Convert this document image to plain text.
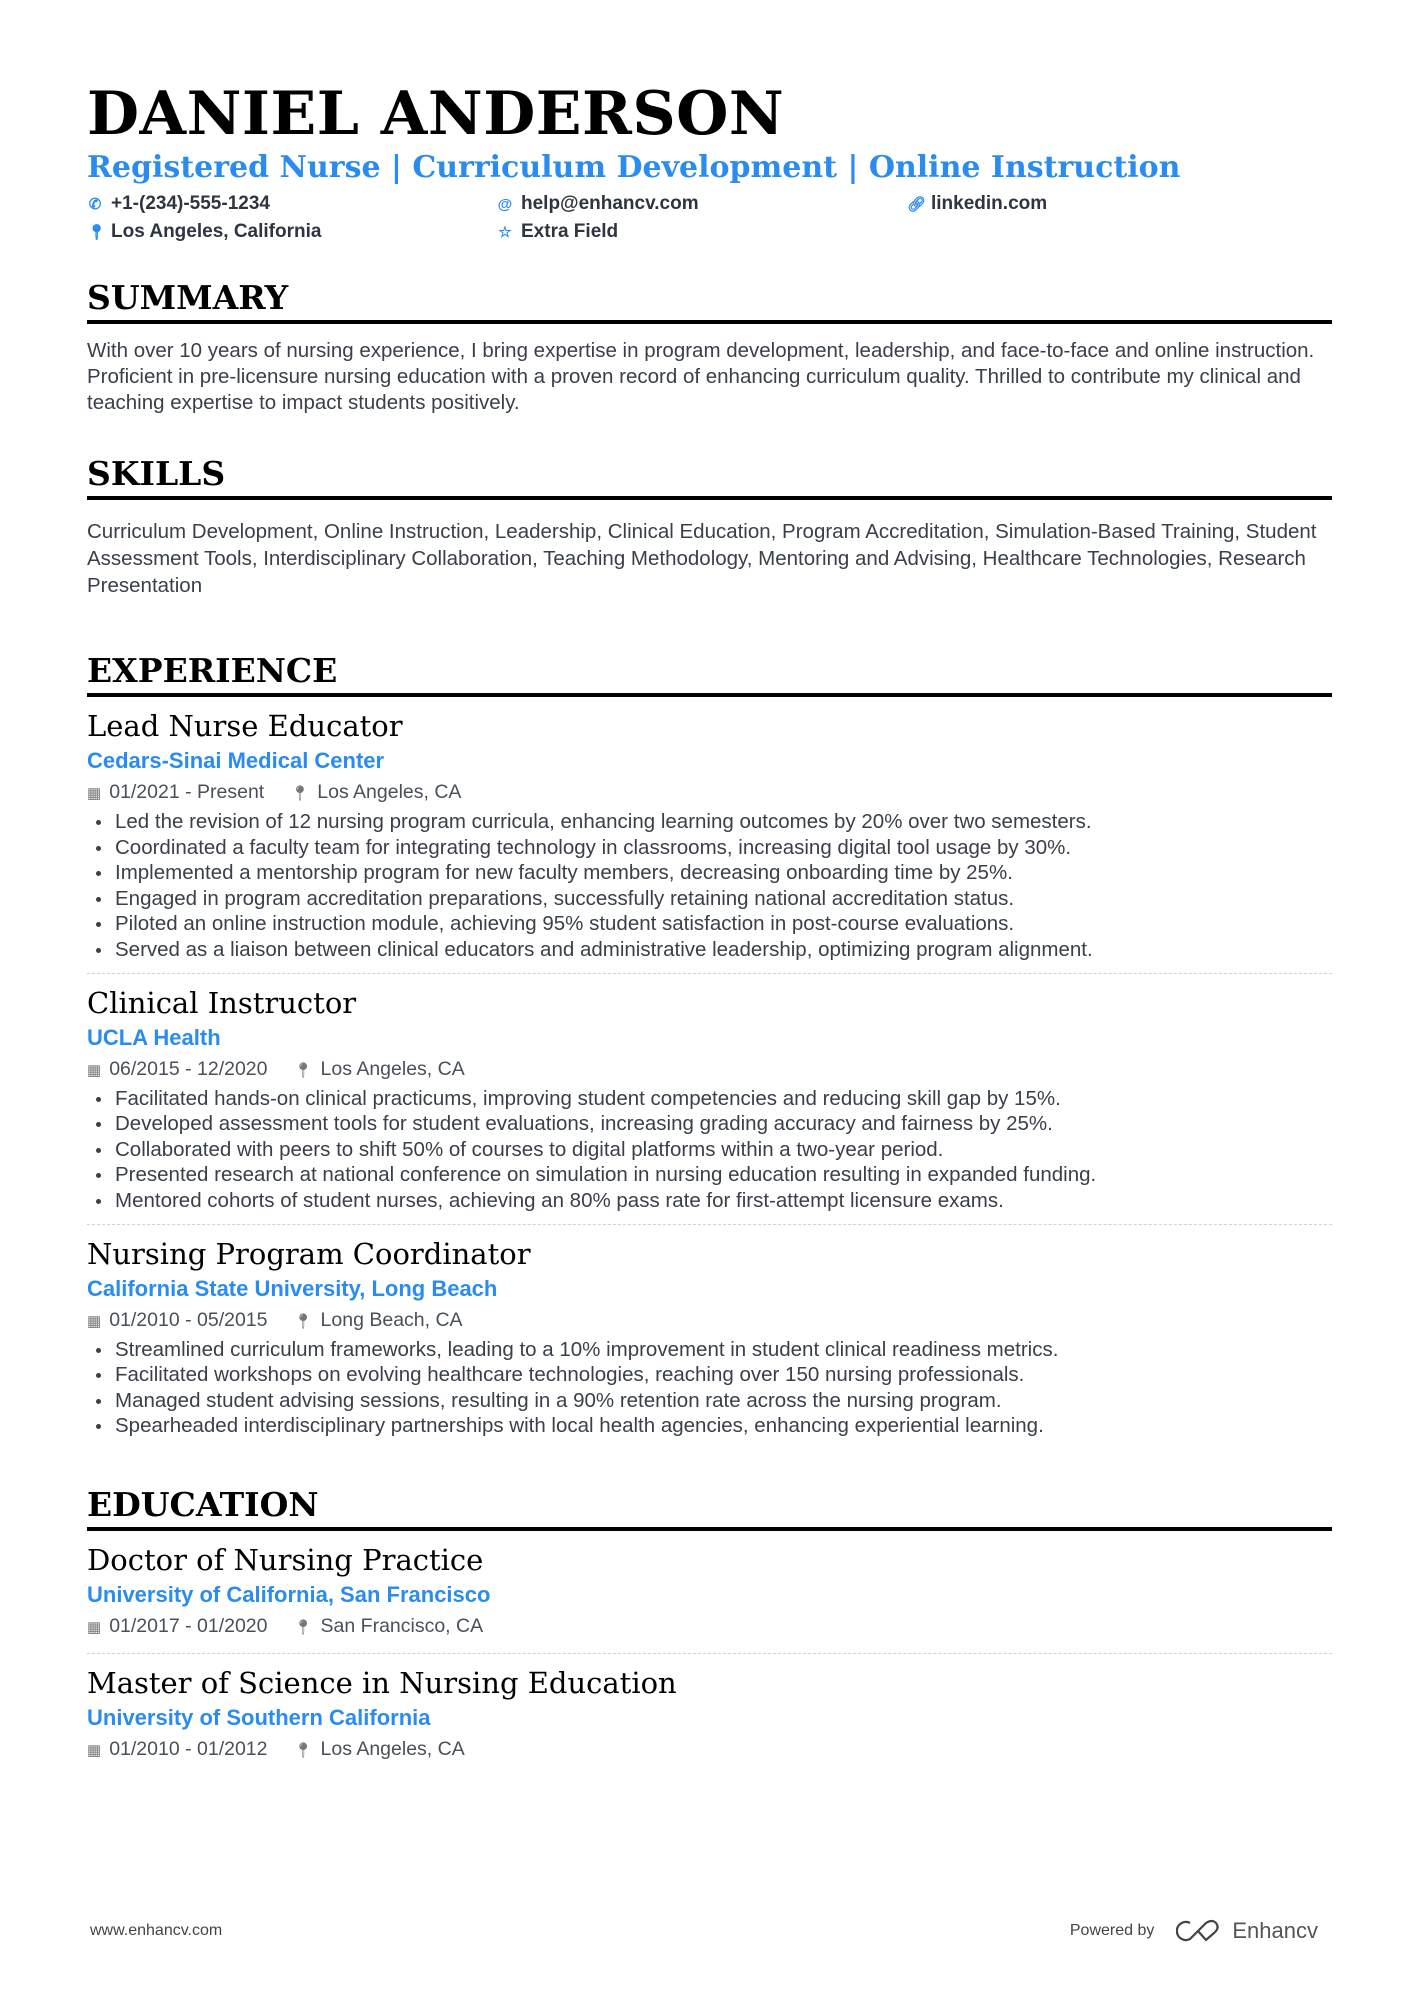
DANIEL ANDERSON
Registered Nurse | Curriculum Development | Online Instruction
✆ +1-(234)-555-1234	@ help@enhancv.com	🔗︎ linkedin.com
📍︎ Los Angeles, California	☆ Extra Field
SUMMARY
With over 10 years of nursing experience, I bring expertise in program development, leadership, and face-to-face and online instruction. Proficient in pre-licensure nursing education with a proven record of enhancing curriculum quality. Thrilled to contribute my clinical and teaching expertise to impact students positively.
SKILLS
Curriculum Development, Online Instruction, Leadership, Clinical Education, Program Accreditation, Simulation-Based Training, Student Assessment Tools, Interdisciplinary Collaboration, Teaching Methodology, Mentoring and Advising, Healthcare Technologies, Research Presentation
EXPERIENCE
Lead Nurse Educator
Cedars-Sinai Medical Center
▦ 01/2021 - Present 📍︎ Los Angeles, CA
Led the revision of 12 nursing program curricula, enhancing learning outcomes by 20% over two semesters.
Coordinated a faculty team for integrating technology in classrooms, increasing digital tool usage by 30%.
Implemented a mentorship program for new faculty members, decreasing onboarding time by 25%.
Engaged in program accreditation preparations, successfully retaining national accreditation status.
Piloted an online instruction module, achieving 95% student satisfaction in post-course evaluations.
Served as a liaison between clinical educators and administrative leadership, optimizing program alignment.
Clinical Instructor
UCLA Health
▦ 06/2015 - 12/2020 📍︎ Los Angeles, CA
Facilitated hands-on clinical practicums, improving student competencies and reducing skill gap by 15%.
Developed assessment tools for student evaluations, increasing grading accuracy and fairness by 25%.
Collaborated with peers to shift 50% of courses to digital platforms within a two-year period.
Presented research at national conference on simulation in nursing education resulting in expanded funding.
Mentored cohorts of student nurses, achieving an 80% pass rate for first-attempt licensure exams.
Nursing Program Coordinator
California State University, Long Beach
▦ 01/2010 - 05/2015 📍︎ Long Beach, CA
Streamlined curriculum frameworks, leading to a 10% improvement in student clinical readiness metrics.
Facilitated workshops on evolving healthcare technologies, reaching over 150 nursing professionals.
Managed student advising sessions, resulting in a 90% retention rate across the nursing program.
Spearheaded interdisciplinary partnerships with local health agencies, enhancing experiential learning.
EDUCATION
Doctor of Nursing Practice
University of California, San Francisco
▦ 01/2017 - 01/2020 📍︎ San Francisco, CA
Master of Science in Nursing Education
University of Southern California
▦ 01/2010 - 01/2012 📍︎ Los Angeles, CA
www.enhancv.com	Powered by	Enhancv
